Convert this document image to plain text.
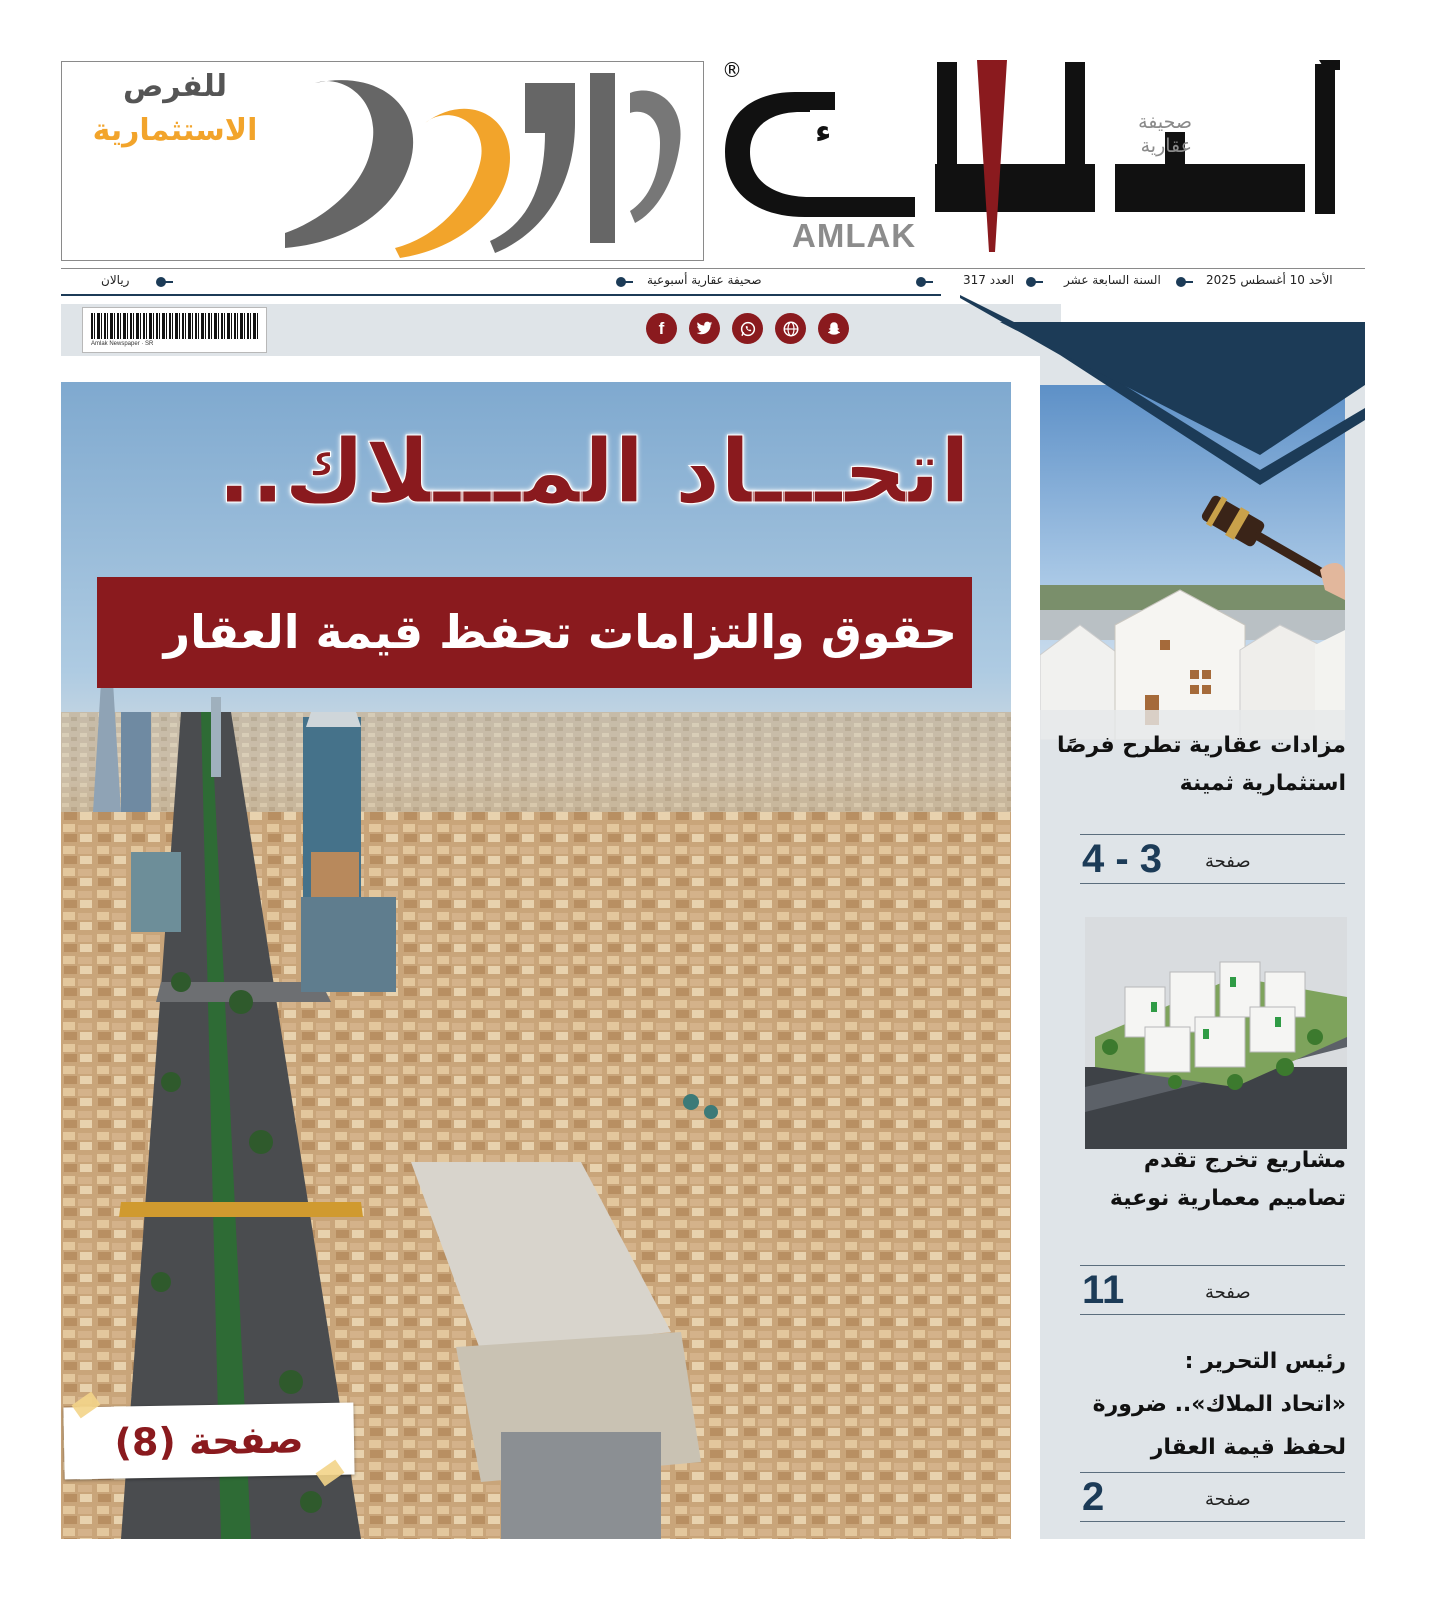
للفرص
الاستثمارية	ء
®
صحيفة
عقارية
AMLAK
الأحد 10 أغسطس 2025
السنة السابعة عشر
العدد 317
صحيفة عقارية أسبوعية
ريالان
Amlak Newspaper · SR
f
مزادات عقارية تطرح فرصًا
استثمارية ثمينة
صفحة
4 - 3
مشاريع تخرج تقدم
تصاميم معمارية نوعية
صفحة
11
رئيس التحرير :
«اتحاد الملاك».. ضرورة
لحفظ قيمة العقار
صفحة
2
اتحـــاد المـــلاك..
حقوق والتزامات تحفظ قيمة العقار
صفحة (8)
